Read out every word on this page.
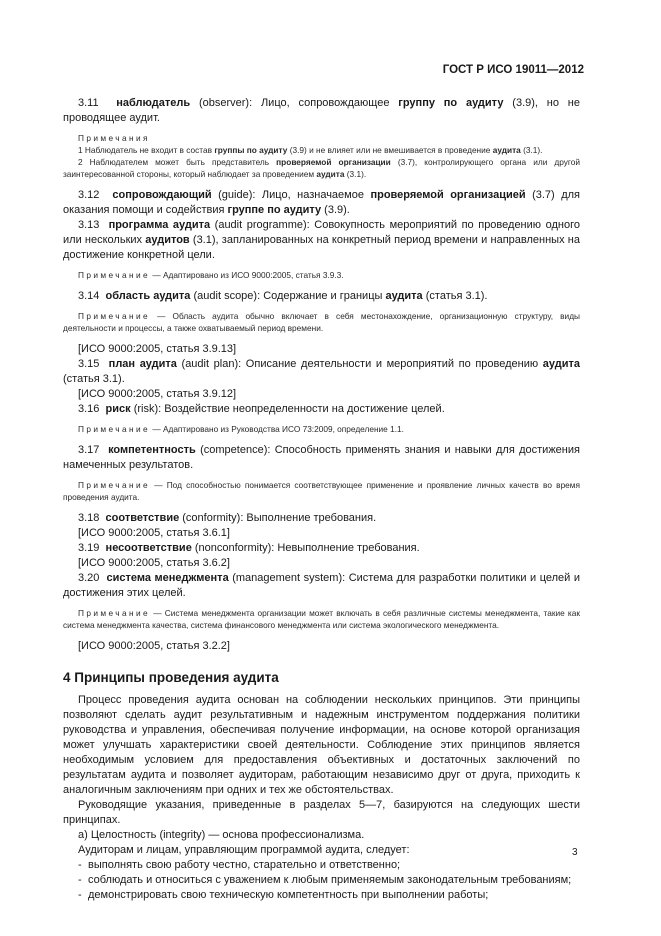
ГОСТ Р ИСО 19011—2012

3.11 наблюдатель (observer): Лицо, сопровождающее группу по аудиту (3.9), но не проводящее аудит.

Примечания

1 Наблюдатель не входит в состав группы по аудиту (3.9) и не влияет или не вмешивается в проведение аудита (3.1).

2 Наблюдателем может быть представитель проверяемой организации (3.7), контролирующего органа или другой заинтересованной стороны, который наблюдает за проведением аудита (3.1).

3.12 сопровождающий (guide): Лицо, назначаемое проверяемой организацией (3.7) для оказания помощи и содействия группе по аудиту (3.9).

3.13 программа аудита (audit programme): Совокупность мероприятий по проведению одного или нескольких аудитов (3.1), запланированных на конкретный период времени и направленных на достижение конкретной цели.

Примечание — Адаптировано из ИСО 9000:2005, статья 3.9.3.

3.14 область аудита (audit scope): Содержание и границы аудита (статья 3.1).

Примечание — Область аудита обычно включает в себя местонахождение, организационную структуру, виды деятельности и процессы, а также охватываемый период времени.

[ИСО 9000:2005, статья 3.9.13]

3.15 план аудита (audit plan): Описание деятельности и мероприятий по проведению аудита (статья 3.1).

[ИСО 9000:2005, статья 3.9.12]

3.16 риск (risk): Воздействие неопределенности на достижение целей.

Примечание — Адаптировано из Руководства ИСО 73:2009, определение 1.1.

3.17 компетентность (competence): Способность применять знания и навыки для достижения намеченных результатов.

Примечание — Под способностью понимается соответствующее применение и проявление личных качеств во время проведения аудита.

3.18 соответствие (conformity): Выполнение требования.

[ИСО 9000:2005, статья 3.6.1]

3.19 несоответствие (nonconformity): Невыполнение требования.

[ИСО 9000:2005, статья 3.6.2]

3.20 система менеджмента (management system): Система для разработки политики и целей и достижения этих целей.

Примечание — Система менеджмента организации может включать в себя различные системы менеджмента, такие как система менеджмента качества, система финансового менеджмента или система экологического менеджмента.

[ИСО 9000:2005, статья 3.2.2]

4 Принципы проведения аудита

Процесс проведения аудита основан на соблюдении нескольких принципов. Эти принципы позволяют сделать аудит результативным и надежным инструментом поддержания политики руководства и управления, обеспечивая получение информации, на основе которой организация может улучшать характеристики своей деятельности. Соблюдение этих принципов является необходимым условием для предоставления объективных и достаточных заключений по результатам аудита и позволяет аудиторам, работающим независимо друг от друга, приходить к аналогичным заключениям при одних и тех же обстоятельствах.

Руководящие указания, приведенные в разделах 5—7, базируются на следующих шести принципах.

а) Целостность (integrity) — основа профессионализма.

Аудиторам и лицам, управляющим программой аудита, следует:

- выполнять свою работу честно, старательно и ответственно;

- соблюдать и относиться с уважением к любым применяемым законодательным требованиям;

- демонстрировать свою техническую компетентность при выполнении работы;

3
